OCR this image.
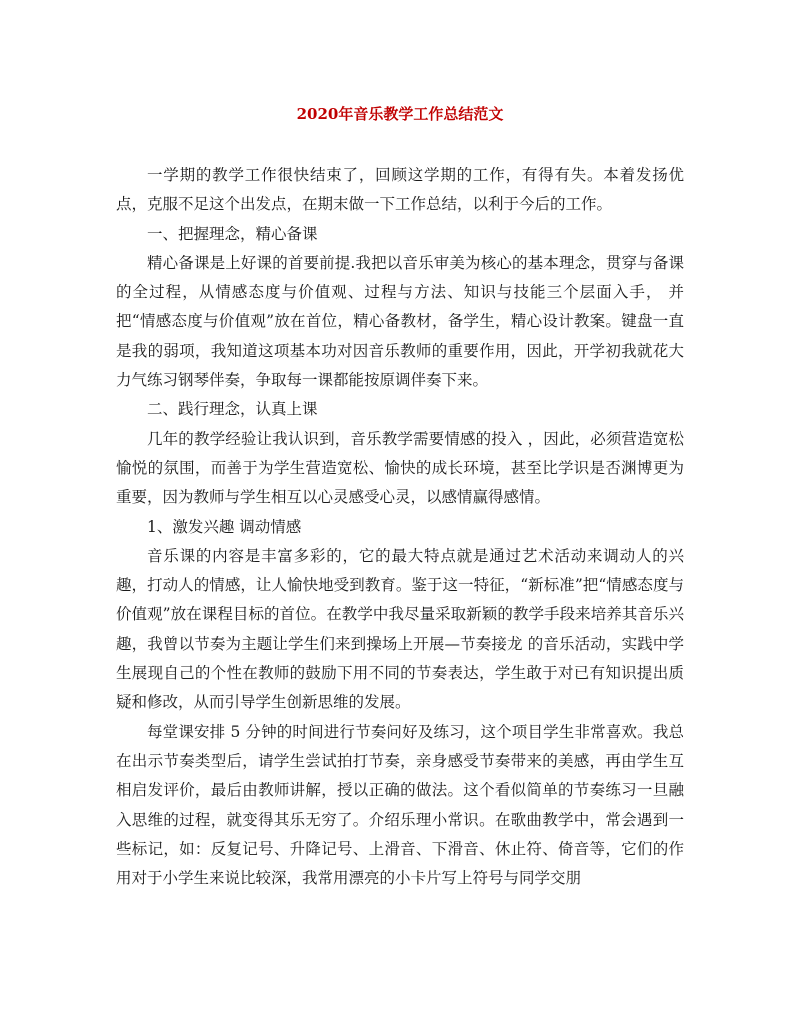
2020年音乐教学工作总结范文

一学期的教学工作很快结束了，回顾这学期的工作，有得有失。本着发扬优点，克服不足这个出发点，在期末做一下工作总结，以利于今后的工作。

一、把握理念，精心备课

精心备课是上好课的首要前提.我把以音乐审美为核心的基本理念，贯穿与备课的全过程，从情感态度与价值观、过程与方法、知识与技能三个层面入手， 并把“情感态度与价值观”放在首位，精心备教材，备学生，精心设计教案。键盘一直是我的弱项，我知道这项基本功对因音乐教师的重要作用，因此，开学初我就花大力气练习钢琴伴奏，争取每一课都能按原调伴奏下来。

二、践行理念，认真上课

几年的教学经验让我认识到，音乐教学需要情感的投入 ，因此，必须营造宽松愉悦的氛围，而善于为学生营造宽松、愉快的成长环境，甚至比学识是否渊博更为重要，因为教师与学生相互以心灵感受心灵，以感情赢得感情。

1、激发兴趣 调动情感

音乐课的内容是丰富多彩的，它的最大特点就是通过艺术活动来调动人的兴趣，打动人的情感，让人愉快地受到教育。鉴于这一特征，“新标准”把“情感态度与价值观”放在课程目标的首位。在教学中我尽量采取新颖的教学手段来培养其音乐兴趣，我曾以节奏为主题让学生们来到操场上开展—节奏接龙 的音乐活动，实践中学生展现自己的个性在教师的鼓励下用不同的节奏表达，学生敢于对已有知识提出质疑和修改，从而引导学生创新思维的发展。

每堂课安排 5 分钟的时间进行节奏问好及练习，这个项目学生非常喜欢。我总在出示节奏类型后，请学生尝试拍打节奏，亲身感受节奏带来的美感，再由学生互相启发评价，最后由教师讲解，授以正确的做法。这个看似简单的节奏练习一旦融入思维的过程，就变得其乐无穷了。介绍乐理小常识。在歌曲教学中，常会遇到一些标记，如：反复记号、升降记号、上滑音、下滑音、休止符、倚音等，它们的作用对于小学生来说比较深，我常用漂亮的小卡片写上符号与同学交朋
